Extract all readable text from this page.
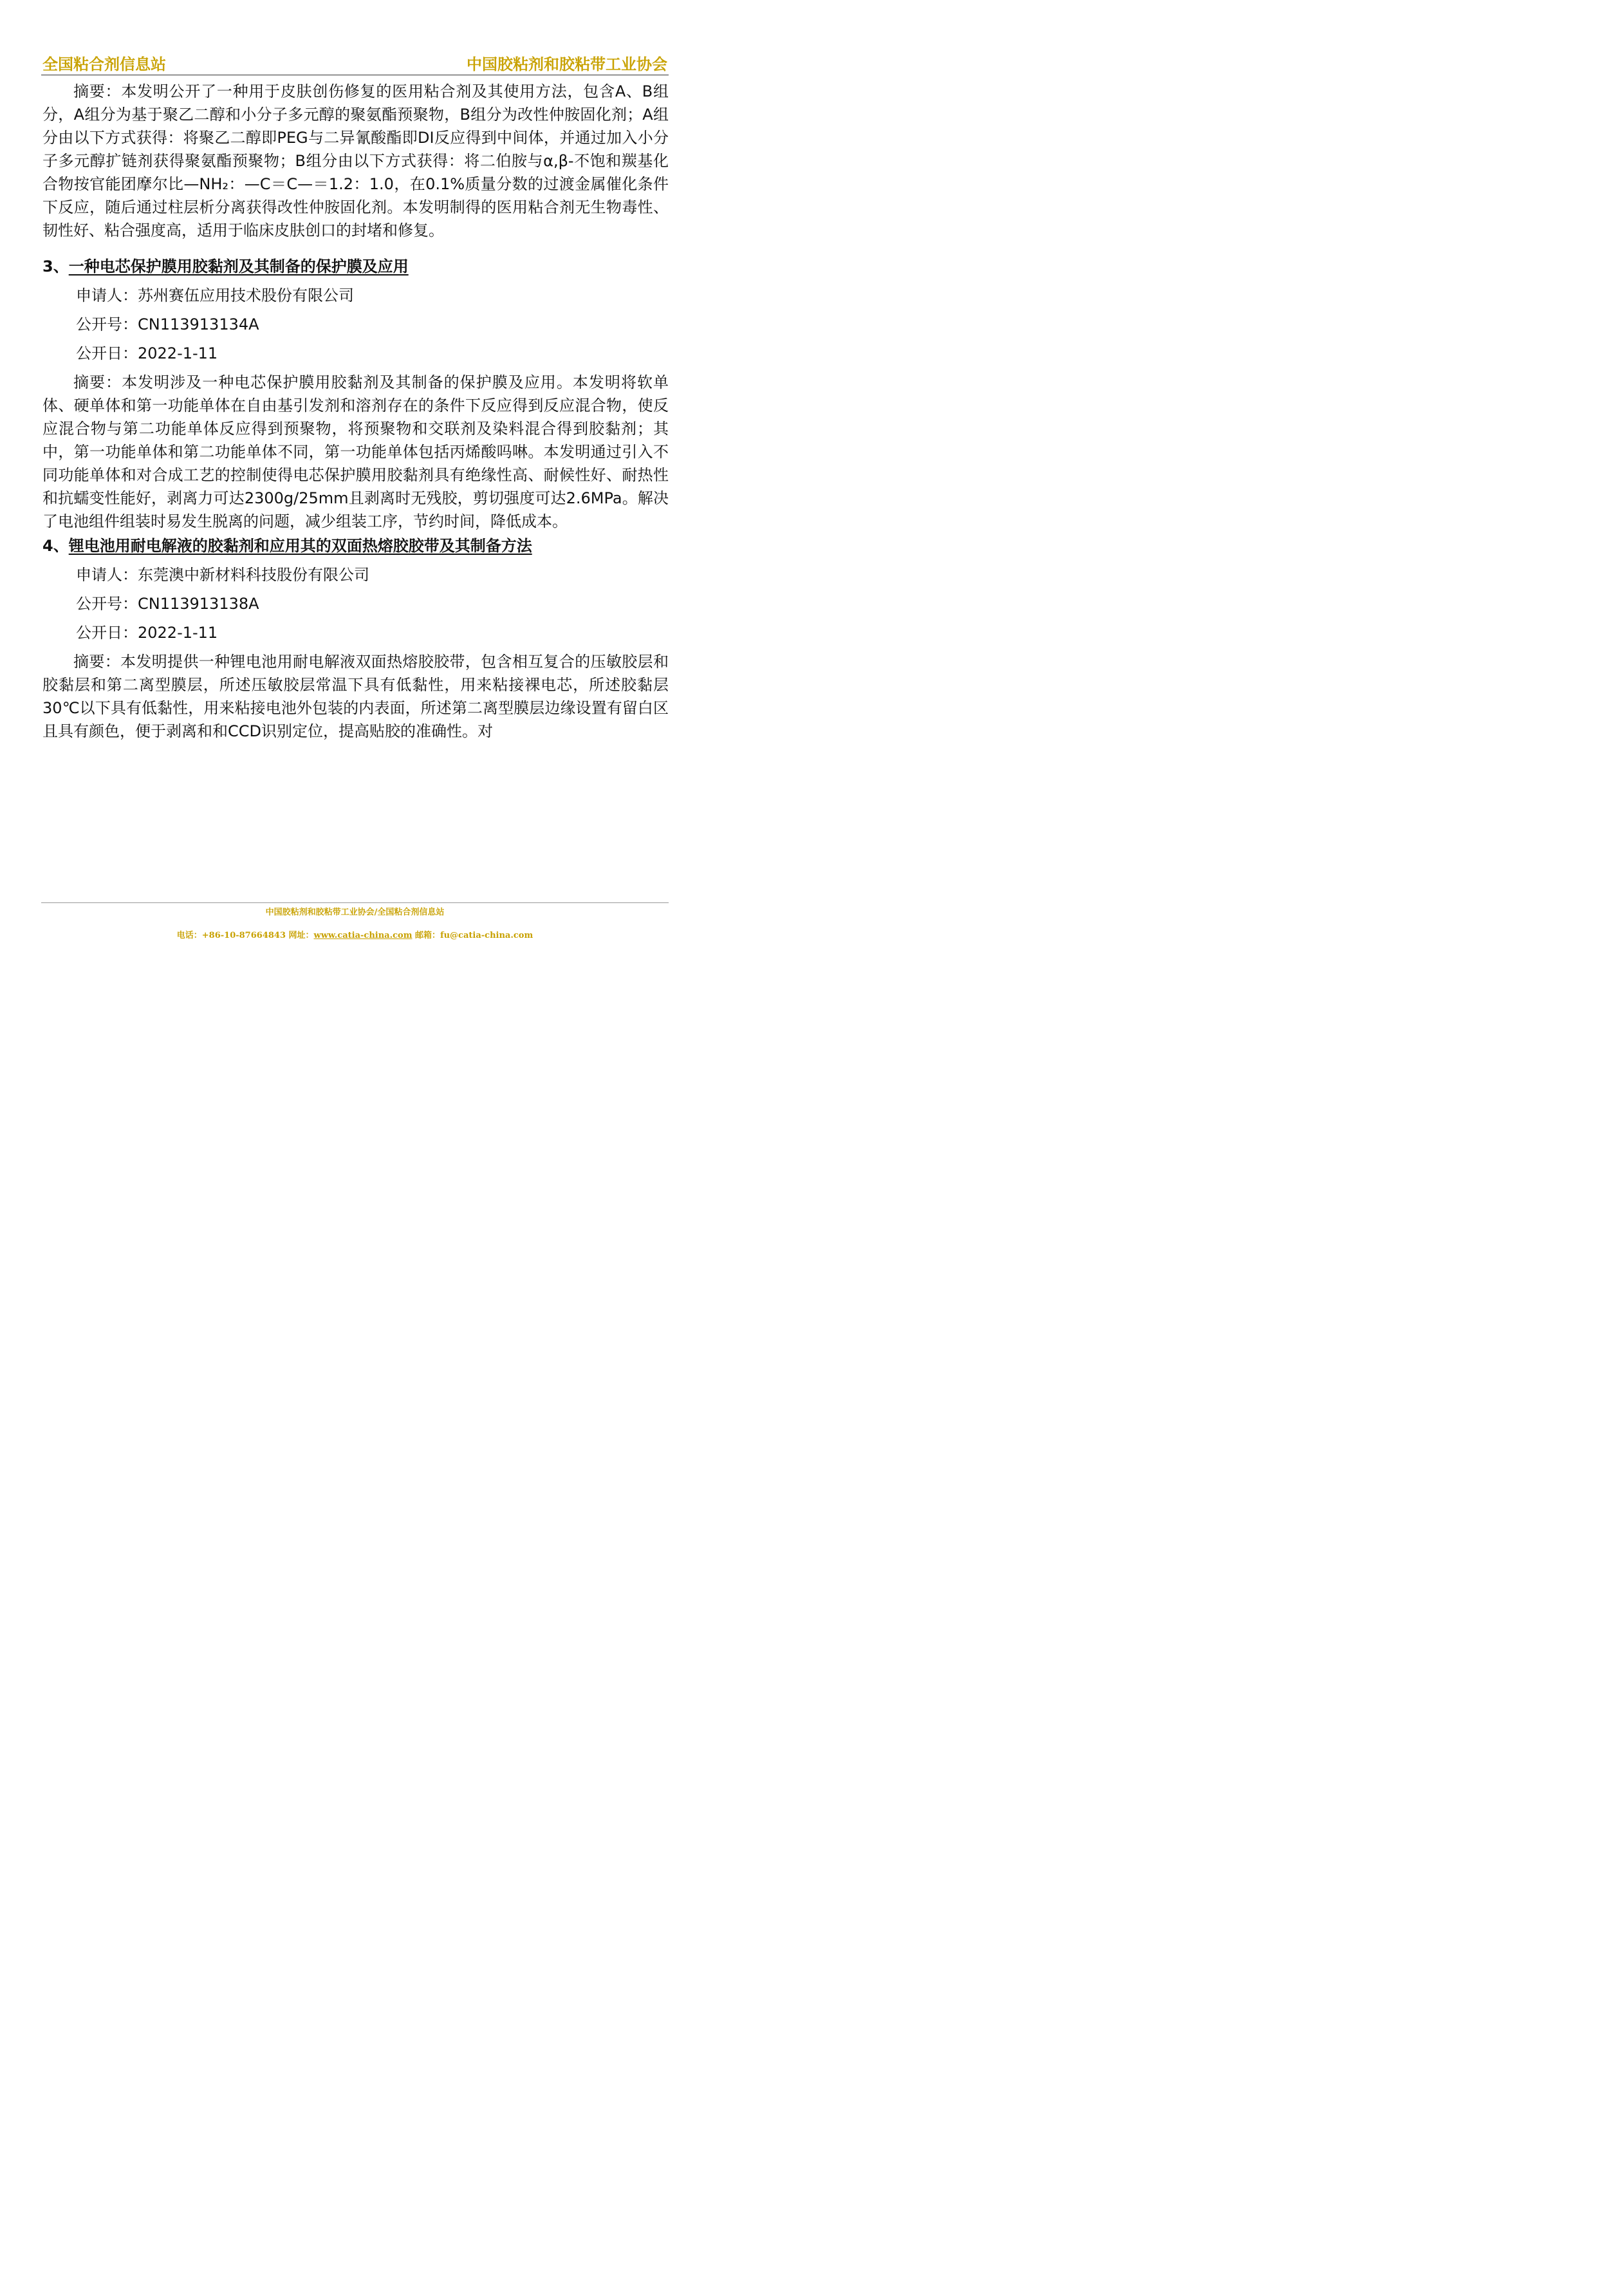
全国粘合剂信息站	中国胶粘剂和胶粘带工业协会

摘要：本发明公开了一种用于皮肤创伤修复的医用粘合剂及其使用方法，包含A、B组分，A组分为基于聚乙二醇和小分子多元醇的聚氨酯预聚物，B组分为改性仲胺固化剂；A组分由以下方式获得：将聚乙二醇即PEG与二异氰酸酯即DI反应得到中间体，并通过加入小分子多元醇扩链剂获得聚氨酯预聚物；B组分由以下方式获得：将二伯胺与α,β-不饱和羰基化合物按官能团摩尔比—NH₂：—C＝C—＝1.2：1.0，在0.1%质量分数的过渡金属催化条件下反应，随后通过柱层析分离获得改性仲胺固化剂。本发明制得的医用粘合剂无生物毒性、韧性好、粘合强度高，适用于临床皮肤创口的封堵和修复。

3、一种电芯保护膜用胶黏剂及其制备的保护膜及应用

申请人：苏州赛伍应用技术股份有限公司

公开号：CN113913134A

公开日：2022-1-11

摘要：本发明涉及一种电芯保护膜用胶黏剂及其制备的保护膜及应用。本发明将软单体、硬单体和第一功能单体在自由基引发剂和溶剂存在的条件下反应得到反应混合物，使反应混合物与第二功能单体反应得到预聚物，将预聚物和交联剂及染料混合得到胶黏剂；其中，第一功能单体和第二功能单体不同，第一功能单体包括丙烯酸吗啉。本发明通过引入不同功能单体和对合成工艺的控制使得电芯保护膜用胶黏剂具有绝缘性高、耐候性好、耐热性和抗蠕变性能好，剥离力可达2300g/25mm且剥离时无残胶，剪切强度可达2.6MPa。解决了电池组件组装时易发生脱离的问题，减少组装工序，节约时间，降低成本。

4、锂电池用耐电解液的胶黏剂和应用其的双面热熔胶胶带及其制备方法

申请人：东莞澳中新材料科技股份有限公司

公开号：CN113913138A

公开日：2022-1-11

摘要：本发明提供一种锂电池用耐电解液双面热熔胶胶带，包含相互复合的压敏胶层和胶黏层和第二离型膜层，所述压敏胶层常温下具有低黏性，用来粘接裸电芯，所述胶黏层30℃以下具有低黏性，用来粘接电池外包装的内表面，所述第二离型膜层边缘设置有留白区且具有颜色，便于剥离和和CCD识别定位，提高贴胶的准确性。对

中国胶粘剂和胶粘带工业协会/全国粘合剂信息站
电话：+86-10-87664843 网址：www.catia-china.com 邮箱：fu@catia-china.com
